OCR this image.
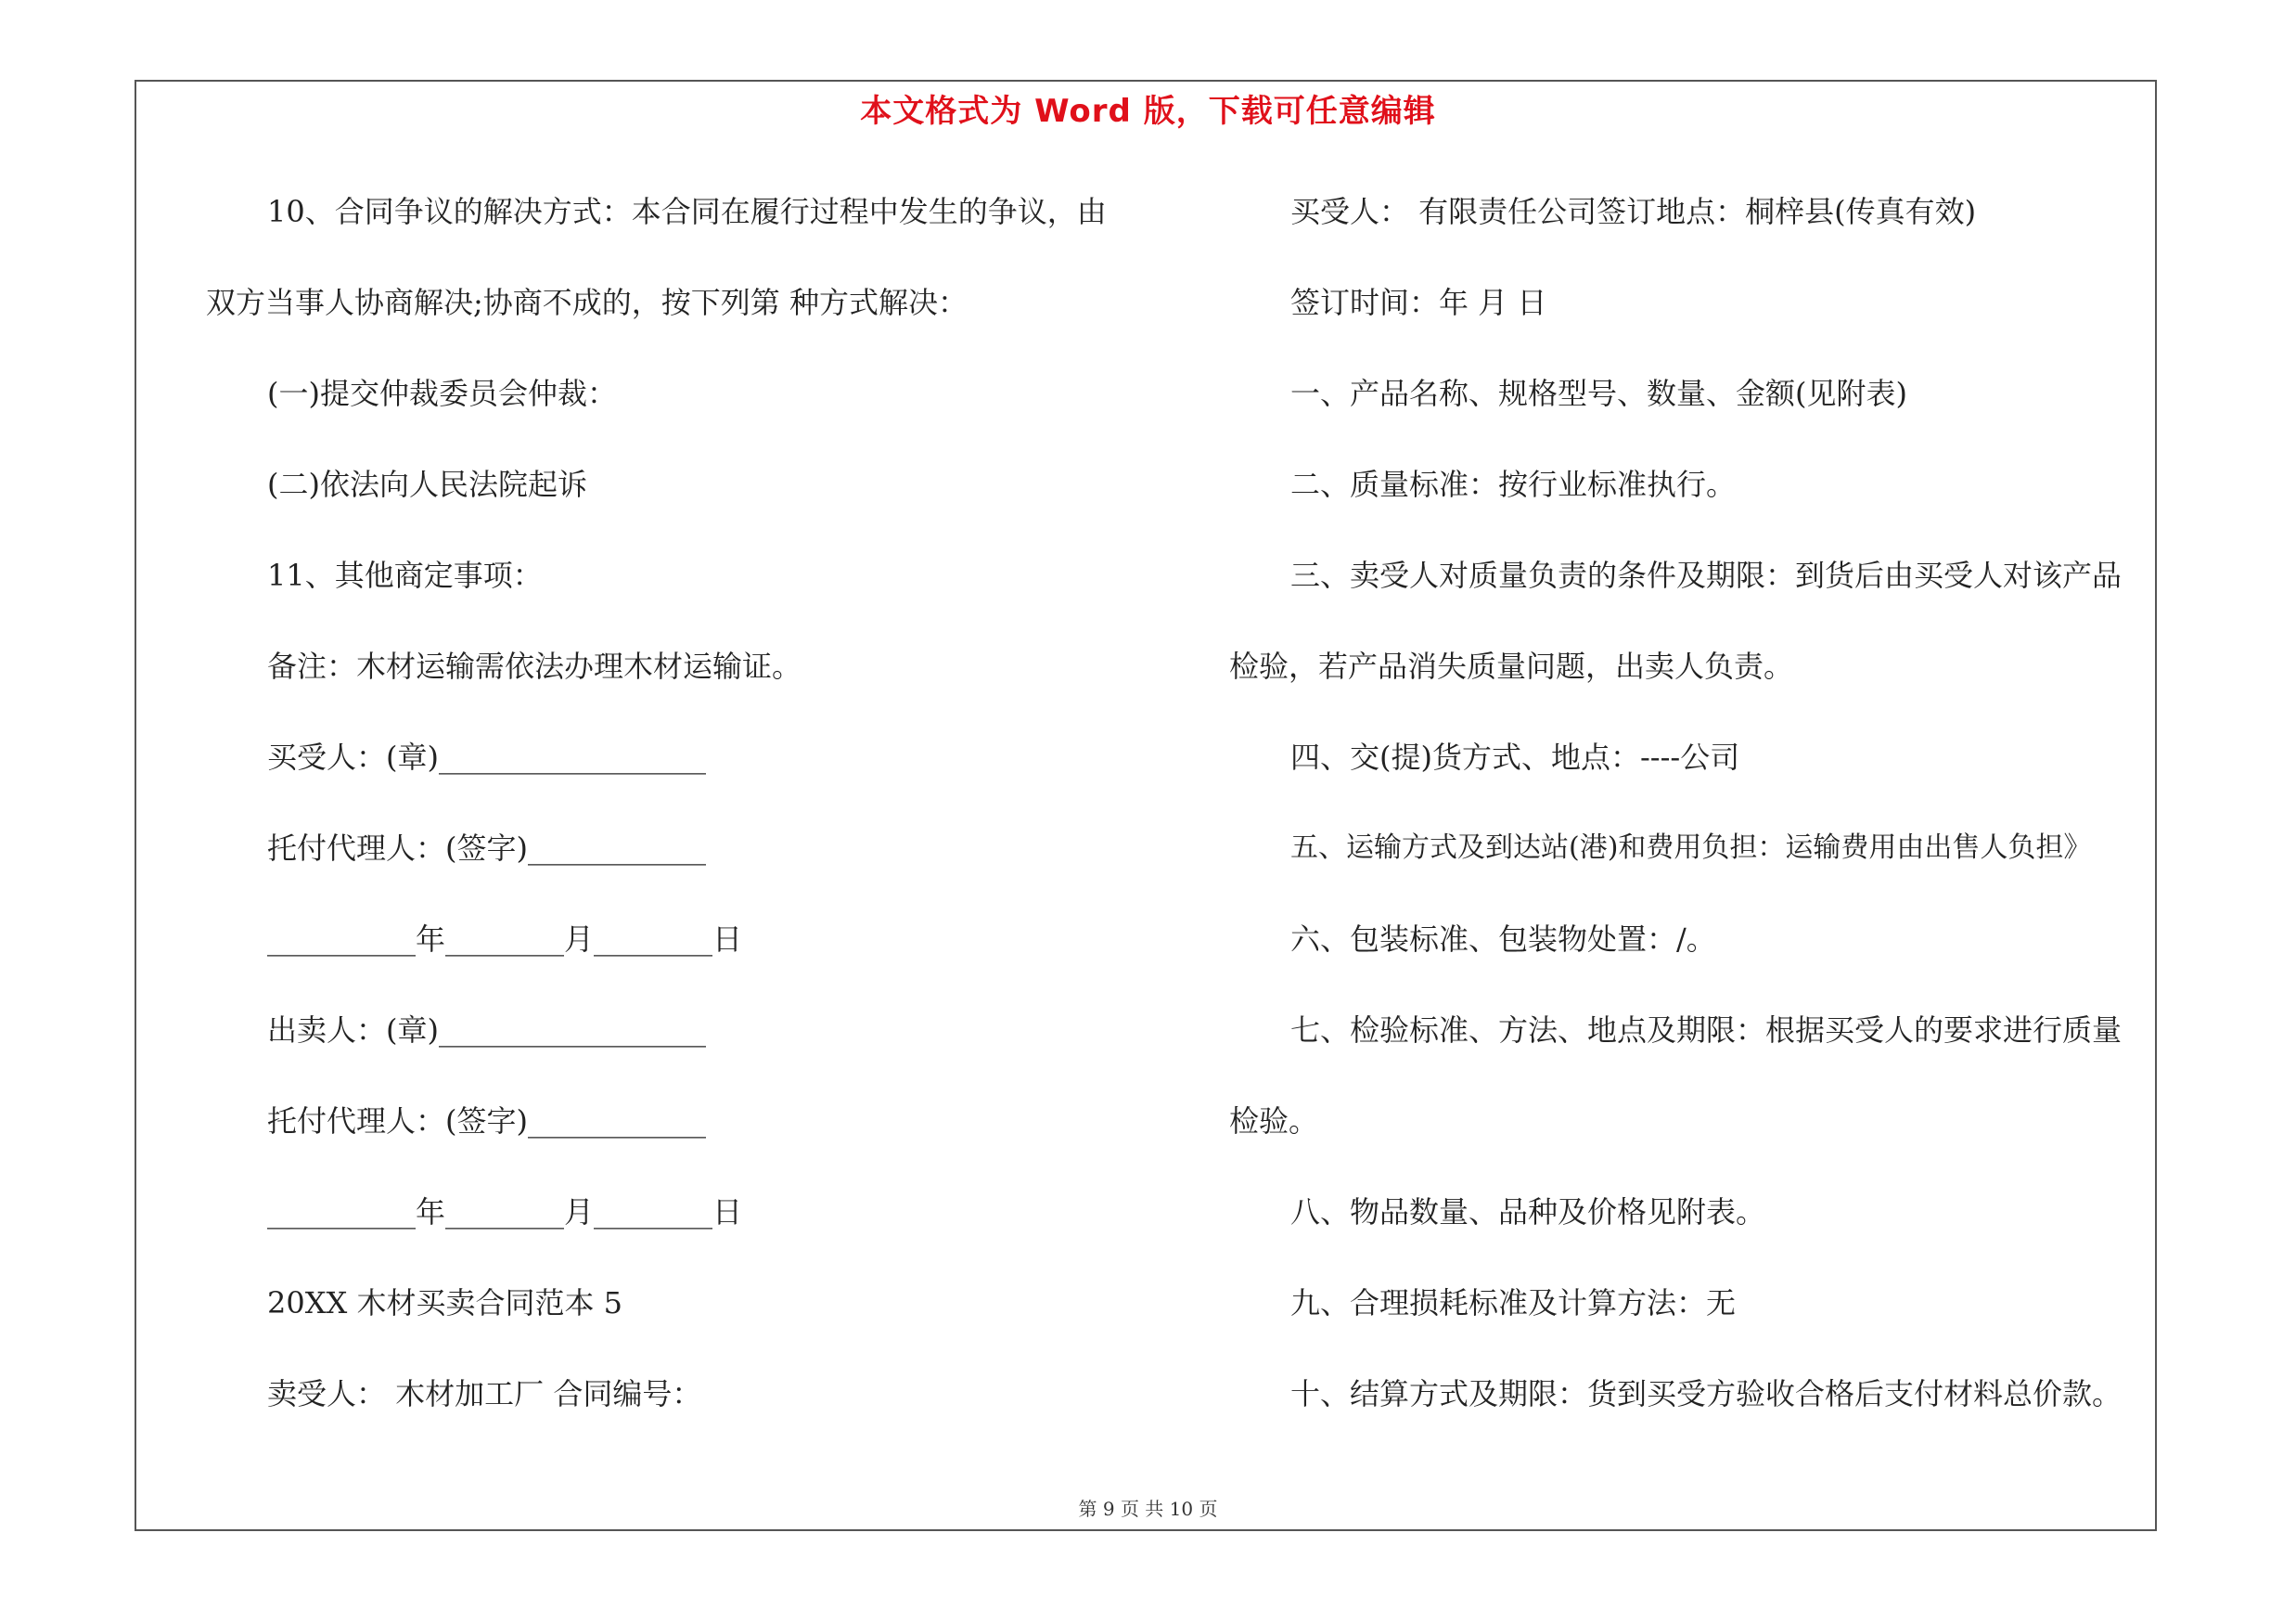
本文格式为 Word 版，下载可任意编辑
10、合同争议的解决方式：本合同在履行过程中发生的争议，由
双方当事人协商解决;协商不成的，按下列第 种方式解决：
(一)提交仲裁委员会仲裁：
(二)依法向人民法院起诉
11、其他商定事项：
备注：木材运输需依法办理木材运输证。
买受人：(章)__________________
托付代理人：(签字)____________
__________年________月________日
出卖人：(章)__________________
托付代理人：(签字)____________
__________年________月________日
20XX 木材买卖合同范本 5
卖受人： 木材加工厂 合同编号：
买受人： 有限责任公司签订地点：桐梓县(传真有效)
签订时间：年 月 日
一、产品名称、规格型号、数量、金额(见附表)
二、质量标准：按行业标准执行。
三、卖受人对质量负责的条件及期限：到货后由买受人对该产品
检验，若产品消失质量问题，出卖人负责。
四、交(提)货方式、地点：----公司
五、运输方式及到达站(港)和费用负担：运输费用由出售人负担》
六、包装标准、包装物处置：/。
七、检验标准、方法、地点及期限：根据买受人的要求进行质量
检验。
八、物品数量、品种及价格见附表。
九、合理损耗标准及计算方法：无
十、结算方式及期限：货到买受方验收合格后支付材料总价款。
第 9 页 共 10 页
